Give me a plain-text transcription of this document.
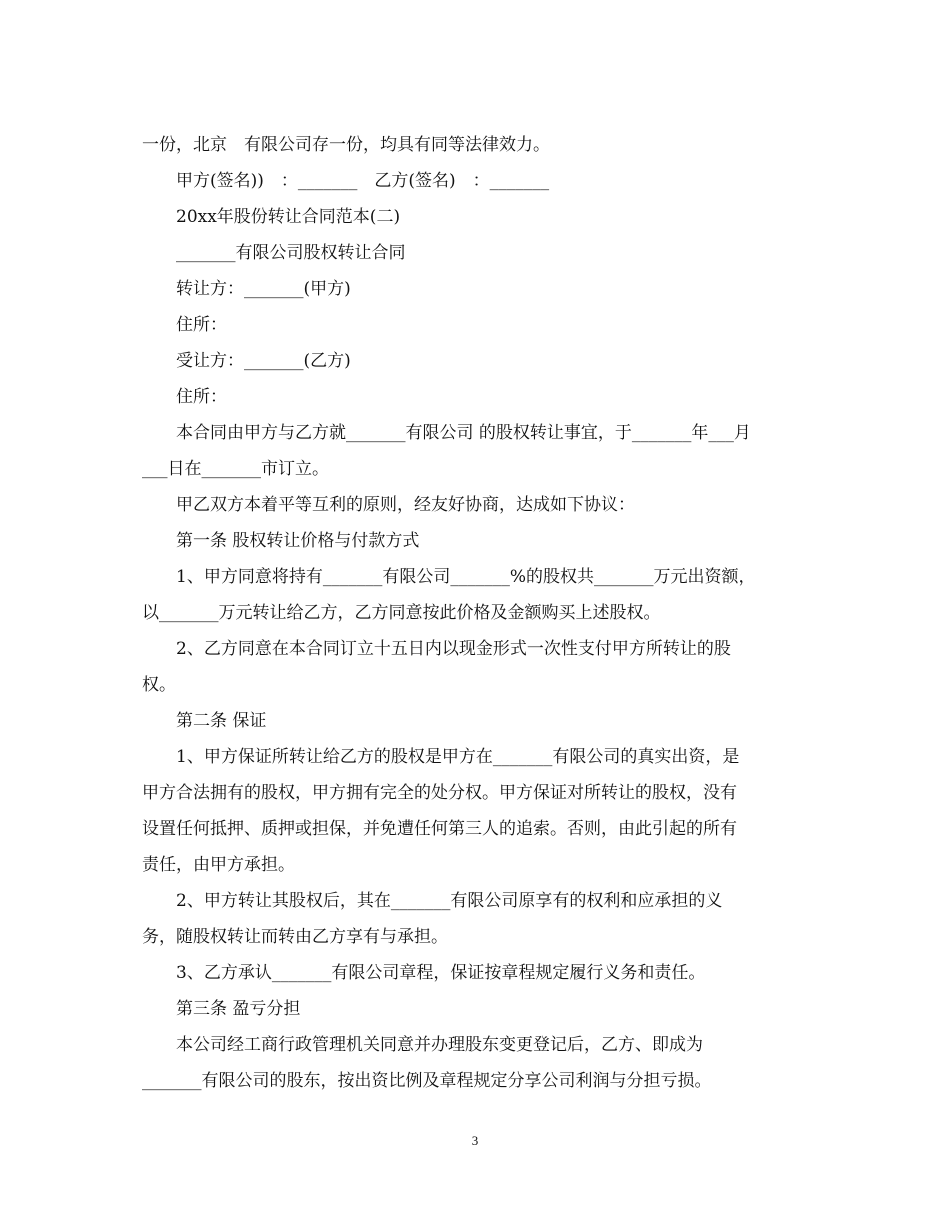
一份，北京　有限公司存一份，均具有同等法律效力。
甲方(签名))　：_______　乙方(签名)　：_______
20xx年股份转让合同范本(二)
_______有限公司股权转让合同
转让方：_______(甲方)
住所：
受让方：_______(乙方)
住所：
本合同由甲方与乙方就_______有限公司 的股权转让事宜，于_______年___月
___日在_______市订立。
甲乙双方本着平等互利的原则，经友好协商，达成如下协议：
第一条 股权转让价格与付款方式
1、甲方同意将持有_______有限公司_______%的股权共_______万元出资额，
以_______万元转让给乙方，乙方同意按此价格及金额购买上述股权。
2、乙方同意在本合同订立十五日内以现金形式一次性支付甲方所转让的股
权。
第二条 保证
1、甲方保证所转让给乙方的股权是甲方在_______有限公司的真实出资，是
甲方合法拥有的股权，甲方拥有完全的处分权。甲方保证对所转让的股权，没有
设置任何抵押、质押或担保，并免遭任何第三人的追索。否则，由此引起的所有
责任，由甲方承担。
2、甲方转让其股权后，其在_______有限公司原享有的权利和应承担的义
务，随股权转让而转由乙方享有与承担。
3、乙方承认_______有限公司章程，保证按章程规定履行义务和责任。
第三条 盈亏分担
本公司经工商行政管理机关同意并办理股东变更登记后，乙方、即成为
_______有限公司的股东，按出资比例及章程规定分享公司利润与分担亏损。
3
